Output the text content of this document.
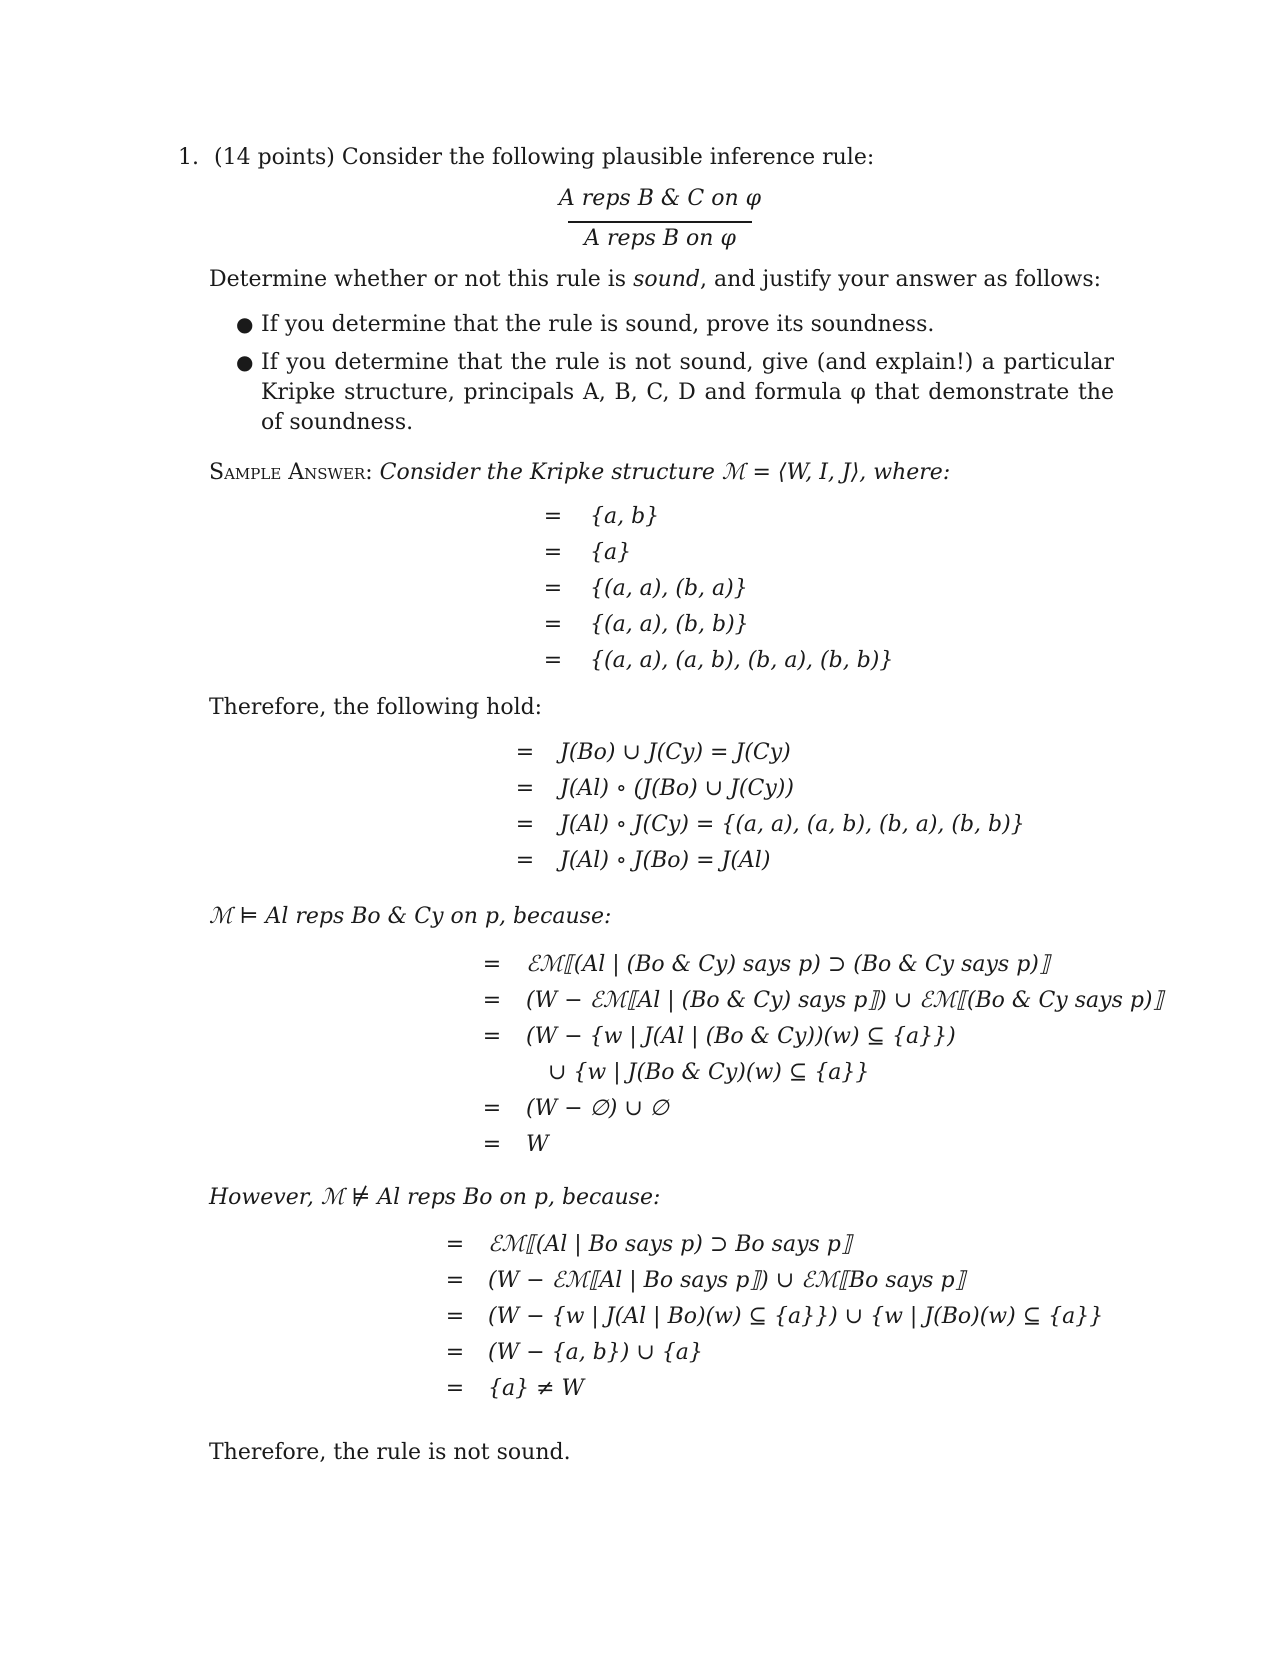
1. (14 points) Consider the following plausible inference rule:
A reps B & C on φ
A reps B on φ
Determine whether or not this rule is sound, and justify your answer as follows:
● If you determine that the rule is sound, prove its soundness.
● If you determine that the rule is not sound, give (and explain!) a particular
Kripke structure, principals A, B, C, D and formula φ that demonstrate the
of soundness.
Sample Answer: Consider the Kripke structure ℳ = ⟨W, I, J⟩, where:
= {a, b}
= {a}
= {(a, a), (b, a)}
= {(a, a), (b, b)}
= {(a, a), (a, b), (b, a), (b, b)}
Therefore, the following hold:
= J(Bo) ∪ J(Cy) = J(Cy)
= J(Al) ∘ (J(Bo) ∪ J(Cy))
= J(Al) ∘ J(Cy) = {(a, a), (a, b), (b, a), (b, b)}
= J(Al) ∘ J(Bo) = J(Al)
ℳ ⊨ Al reps Bo & Cy on p, because:
= ℰℳ⟦(Al | (Bo & Cy) says p) ⊃ (Bo & Cy says p)⟧
= (W − ℰℳ⟦Al | (Bo & Cy) says p⟧) ∪ ℰℳ⟦(Bo & Cy says p)⟧
= (W − {w | J(Al | (Bo & Cy))(w) ⊆ {a}})
∪ {w | J(Bo & Cy)(w) ⊆ {a}}
= (W − ∅) ∪ ∅
= W
However, ℳ ⊭ Al reps Bo on p, because:
= ℰℳ⟦(Al | Bo says p) ⊃ Bo says p⟧
= (W − ℰℳ⟦Al | Bo says p⟧) ∪ ℰℳ⟦Bo says p⟧
= (W − {w | J(Al | Bo)(w) ⊆ {a}}) ∪ {w | J(Bo)(w) ⊆ {a}}
= (W − {a, b}) ∪ {a}
= {a} ≠ W
Therefore, the rule is not sound.
